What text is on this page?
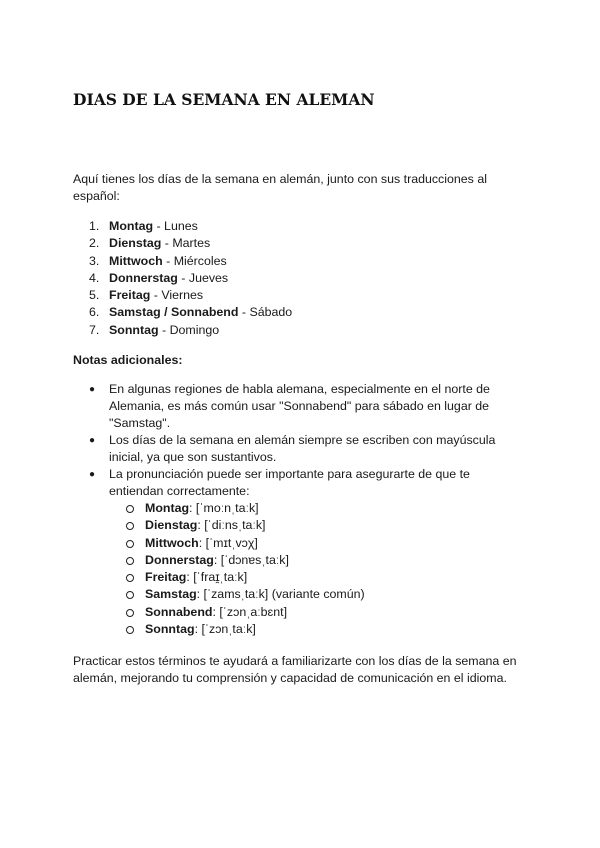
DIAS DE LA SEMANA EN ALEMAN

Aquí tienes los días de la semana en alemán, junto con sus traducciones al español:

1. Montag - Lunes
2. Dienstag - Martes
3. Mittwoch - Miércoles
4. Donnerstag - Jueves
5. Freitag - Viernes
6. Samstag / Sonnabend - Sábado
7. Sonntag - Domingo

Notas adicionales:

● En algunas regiones de habla alemana, especialmente en el norte de Alemania, es más común usar "Sonnabend" para sábado en lugar de "Samstag".
● Los días de la semana en alemán siempre se escriben con mayúscula inicial, ya que son sustantivos.
● La pronunciación puede ser importante para asegurarte de que te entiendan correctamente:
Montag: [ˈmoːnˌtaːk]
Dienstag: [ˈdiːnsˌtaːk]
Mittwoch: [ˈmɪtˌvɔχ]
Donnerstag: [ˈdɔnɐsˌtaːk]
Freitag: [ˈfraɪ̯ˌtaːk]
Samstag: [ˈzamsˌtaːk] (variante común)
Sonnabend: [ˈzɔnˌaːbɛnt]
Sonntag: [ˈzɔnˌtaːk]

Practicar estos términos te ayudará a familiarizarte con los días de la semana en alemán, mejorando tu comprensión y capacidad de comunicación en el idioma.
